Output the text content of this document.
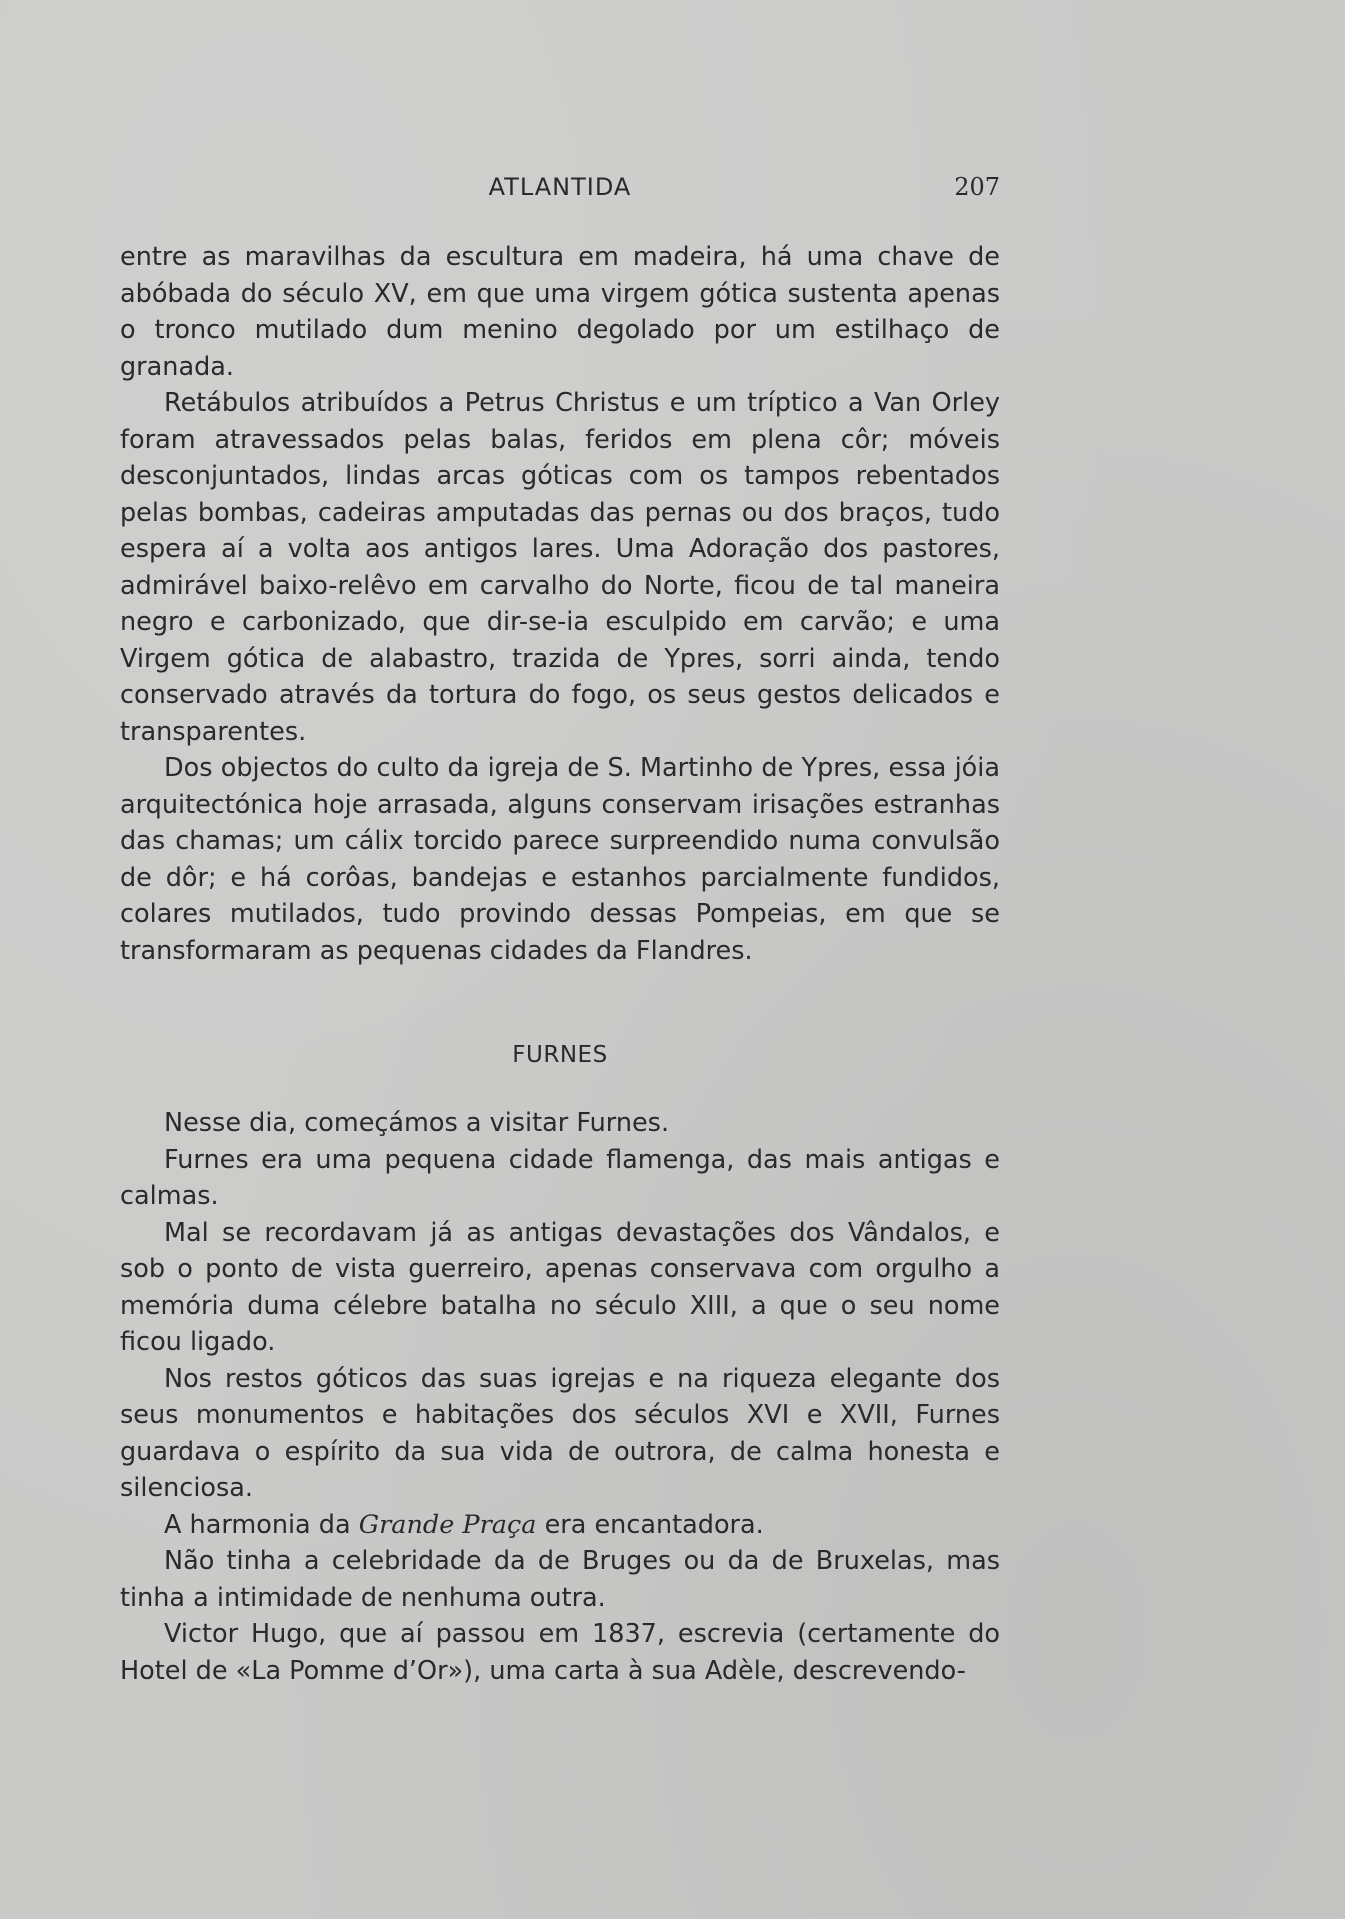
ATLANTIDA	207

entre as maravilhas da escultura em madeira, há uma chave de abóbada do século XV, em que uma virgem gótica sustenta apenas o tronco mutilado dum menino degolado por um estilhaço de granada.

Retábulos atribuídos a Petrus Christus e um tríptico a Van Orley foram atravessados pelas balas, feridos em plena côr; móveis desconjuntados, lindas arcas góticas com os tampos rebentados pelas bombas, cadeiras amputadas das pernas ou dos braços, tudo espera aí a volta aos antigos lares. Uma Adoração dos pastores, admirável baixo-relêvo em carvalho do Norte, ficou de tal maneira negro e carbonizado, que dir-se-ia esculpido em carvão; e uma Virgem gótica de alabastro, trazida de Ypres, sorri ainda, tendo conservado através da tortura do fogo, os seus gestos delicados e transparentes.

Dos objectos do culto da igreja de S. Martinho de Ypres, essa jóia arquitectónica hoje arrasada, alguns conservam irisações estranhas das chamas; um cálix torcido parece surpreendido numa convulsão de dôr; e há corôas, bandejas e estanhos parcialmente fundidos, colares mutilados, tudo provindo dessas Pompeias, em que se transformaram as pequenas cidades da Flandres.

FURNES

Nesse dia, começámos a visitar Furnes.

Furnes era uma pequena cidade flamenga, das mais antigas e calmas.

Mal se recordavam já as antigas devastações dos Vândalos, e sob o ponto de vista guerreiro, apenas conservava com orgulho a memória duma célebre batalha no século XIII, a que o seu nome ficou ligado.

Nos restos góticos das suas igrejas e na riqueza elegante dos seus monumentos e habitações dos séculos XVI e XVII, Furnes guardava o espírito da sua vida de outrora, de calma honesta e silenciosa.

A harmonia da Grande Praça era encantadora.

Não tinha a celebridade da de Bruges ou da de Bruxelas, mas tinha a intimidade de nenhuma outra.

Victor Hugo, que aí passou em 1837, escrevia (certamente do Hotel de «La Pomme d’Or»), uma carta à sua Adèle, descrevendo-
